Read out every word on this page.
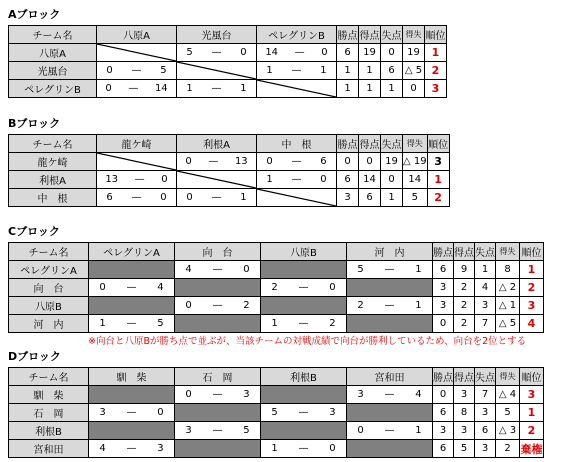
Aブロック
チーム名	八原A	光風台	ペレグリンB	勝点	得点	失点	得失	順位
八原A		5 — 0	14 — 0	6	19	0	19	1
光風台	0 — 5		1 — 1	1	1	6	△ 5	2
ペレグリンB	0 — 14	1 — 1		1	1	1	0	3
Bブロック
チーム名	龍ケ崎	利根A	中　根	勝点	得点	失点	得失	順位
龍ケ崎		0 — 13	0 — 6	0	0	19	△ 19	3
利根A	13 — 0		1 — 0	6	14	0	14	1
中　根	6 — 0	0 — 1		3	6	1	5	2
Cブロック
チーム名	ペレグリンA	向　台	八原B	河　内	勝点	得点	失点	得失	順位
ペレグリンA		4 — 0		5 — 1	6	9	1	8	1
向　台	0 — 4		2 — 0		3	2	4	△ 2	2
八原B		0 — 2		2 — 1	3	2	3	△ 1	3
河　内	1 — 5		1 — 2		0	2	7	△ 5	4
※向台と八原Bが勝ち点で並ぶが、当該チームの対戦成績で向台が勝利しているため、向台を2位とする
Dブロック
チーム名	馴　柴	石　岡	利根B	宮和田	勝点	得点	失点	得失	順位
馴　柴		0 — 3		3 — 4	0	3	7	△ 4	3
石　岡	3 — 0		5 — 3		6	8	3	5	1
利根B		3 — 5		0 — 1	3	3	6	△ 3	2
宮和田	4 — 3		1 — 0		6	5	3	2	棄権
